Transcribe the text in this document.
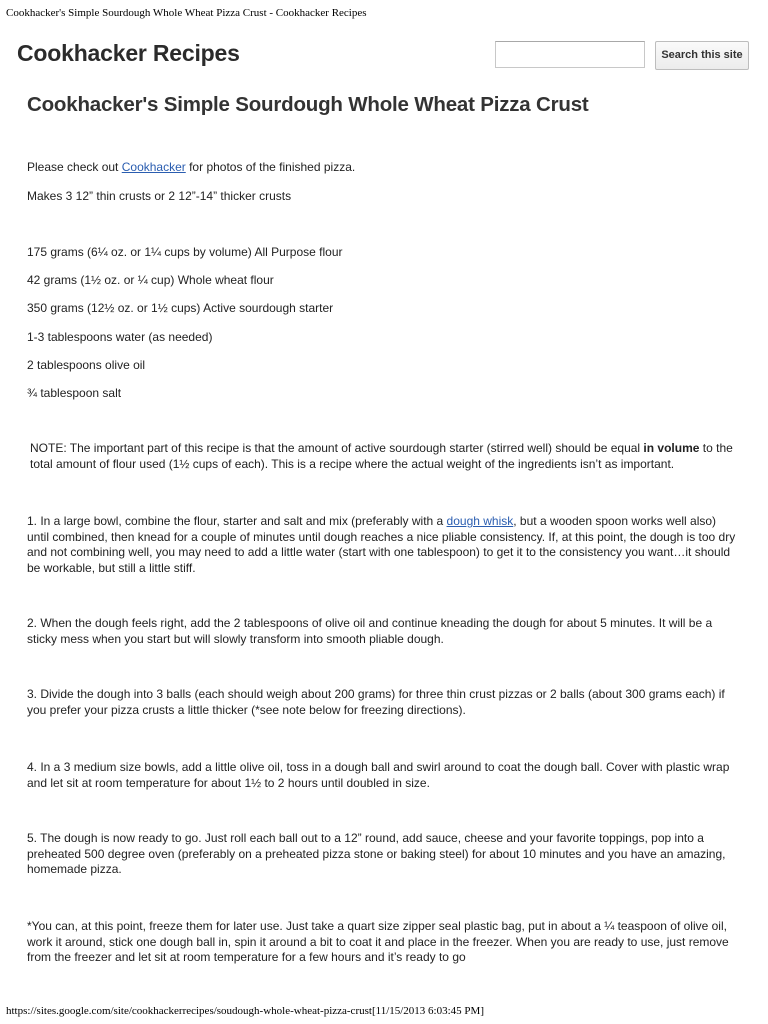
Cookhacker's Simple Sourdough Whole Wheat Pizza Crust - Cookhacker Recipes
Cookhacker Recipes	Search this site
Cookhacker's Simple Sourdough Whole Wheat Pizza Crust

Please check out Cookhacker for photos of the finished pizza.

Makes 3 12” thin crusts or 2 12”-14” thicker crusts

175 grams (6¼ oz. or 1¼ cups by volume) All Purpose flour

42 grams (1½ oz. or ¼ cup) Whole wheat flour

350 grams (12½ oz. or 1½ cups) Active sourdough starter

1-3 tablespoons water (as needed)

2 tablespoons olive oil

¾ tablespoon salt

NOTE: The important part of this recipe is that the amount of active sourdough starter (stirred well) should be equal in volume to the total amount of flour used (1½ cups of each). This is a recipe where the actual weight of the ingredients isn’t as important.

1. In a large bowl, combine the flour, starter and salt and mix (preferably with a dough whisk, but a wooden spoon works well also) until combined, then knead for a couple of minutes until dough reaches a nice pliable consistency. If, at this point, the dough is too dry and not combining well, you may need to add a little water (start with one tablespoon) to get it to the consistency you want…it should be workable, but still a little stiff.

2. When the dough feels right, add the 2 tablespoons of olive oil and continue kneading the dough for about 5 minutes. It will be a sticky mess when you start but will slowly transform into smooth pliable dough.

3. Divide the dough into 3 balls (each should weigh about 200 grams) for three thin crust pizzas or 2 balls (about 300 grams each) if you prefer your pizza crusts a little thicker (*see note below for freezing directions).

4. In a 3 medium size bowls, add a little olive oil, toss in a dough ball and swirl around to coat the dough ball. Cover with plastic wrap and let sit at room temperature for about 1½ to 2 hours until doubled in size.

5. The dough is now ready to go. Just roll each ball out to a 12” round, add sauce, cheese and your favorite toppings, pop into a preheated 500 degree oven (preferably on a preheated pizza stone or baking steel) for about 10 minutes and you have an amazing, homemade pizza.

*You can, at this point, freeze them for later use. Just take a quart size zipper seal plastic bag, put in about a ¼ teaspoon of olive oil, work it around, stick one dough ball in, spin it around a bit to coat it and place in the freezer. When you are ready to use, just remove from the freezer and let sit at room temperature for a few hours and it’s ready to go

https://sites.google.com/site/cookhackerrecipes/soudough-whole-wheat-pizza-crust[11/15/2013 6:03:45 PM]
